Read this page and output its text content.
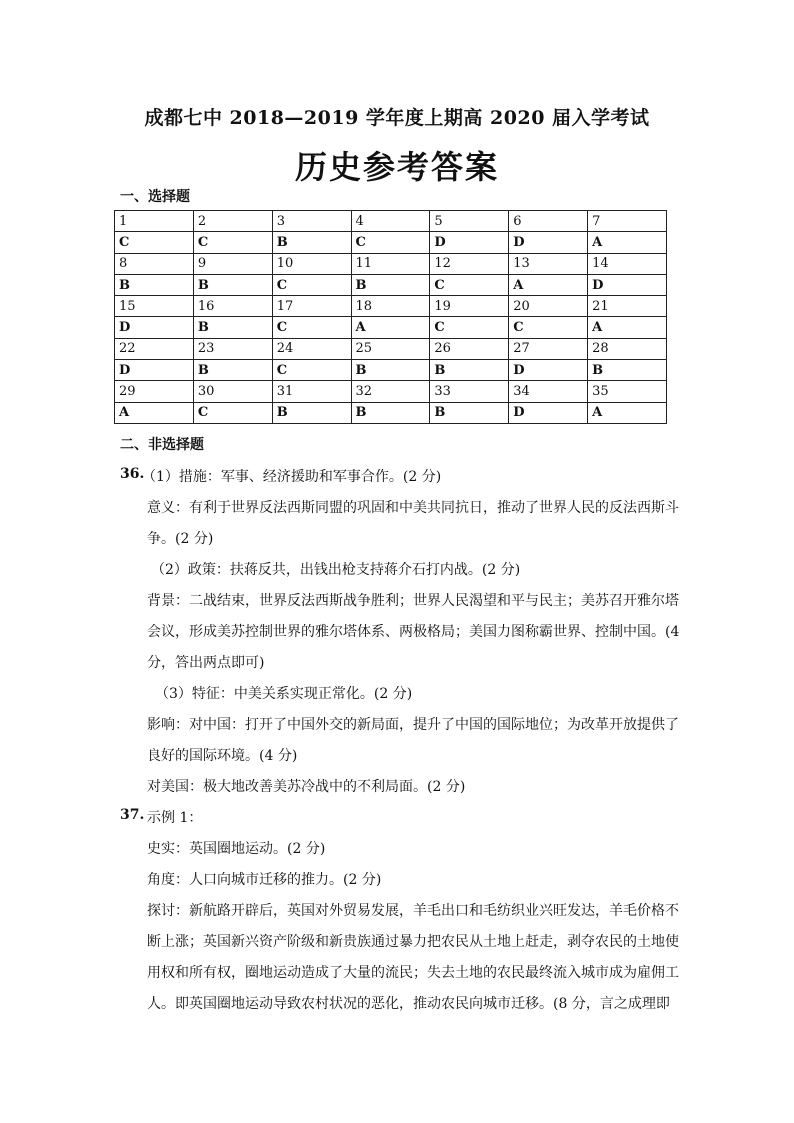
成都七中 2018—2019 学年度上期高 2020 届入学考试
历史参考答案
一、选择题
1	2	3	4	5	6	7
C	C	B	C	D	D	A
8	9	10	11	12	13	14
B	B	C	B	C	A	D
15	16	17	18	19	20	21
D	B	C	A	C	C	A
22	23	24	25	26	27	28
D	B	C	B	B	D	B
29	30	31	32	33	34	35
A	C	B	B	B	D	A
二、非选择题
36.
（1）措施：军事、经济援助和军事合作。(2 分)
意义：有利于世界反法西斯同盟的巩固和中美共同抗日，推动了世界人民的反法西斯斗
争。(2 分)
（2）政策：扶蒋反共，出钱出枪支持蒋介石打内战。(2 分)
背景：二战结束，世界反法西斯战争胜利；世界人民渴望和平与民主；美苏召开雅尔塔
会议，形成美苏控制世界的雅尔塔体系、两极格局；美国力图称霸世界、控制中国。(4
分，答出两点即可)
（3）特征：中美关系实现正常化。(2 分)
影响：对中国：打开了中国外交的新局面，提升了中国的国际地位；为改革开放提供了
良好的国际环境。(4 分)
对美国：极大地改善美苏冷战中的不利局面。(2 分)
37. 示例 1：
史实：英国圈地运动。(2 分)
角度：人口向城市迁移的推力。(2 分)
探讨：新航路开辟后，英国对外贸易发展，羊毛出口和毛纺织业兴旺发达，羊毛价格不
断上涨；英国新兴资产阶级和新贵族通过暴力把农民从土地上赶走，剥夺农民的土地使
用权和所有权，圈地运动造成了大量的流民；失去土地的农民最终流入城市成为雇佣工
人。即英国圈地运动导致农村状况的恶化，推动农民向城市迁移。(8 分，言之成理即
